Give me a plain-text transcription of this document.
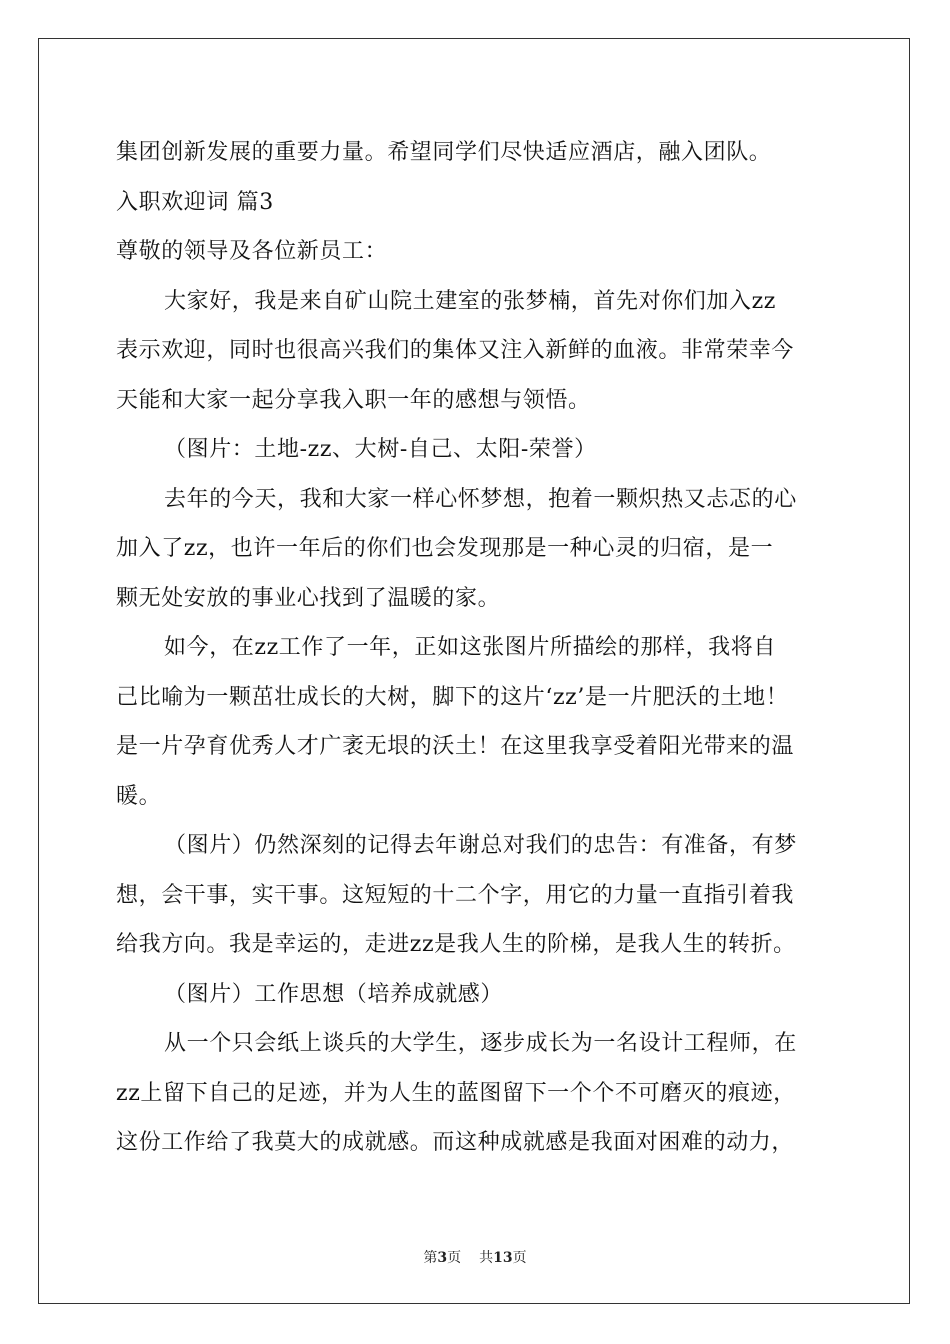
集团创新发展的重要力量。希望同学们尽快适应酒店，融入团队。
入职欢迎词 篇3
尊敬的领导及各位新员工：
大家好，我是来自矿山院土建室的张梦楠，首先对你们加入zz
表示欢迎，同时也很高兴我们的集体又注入新鲜的血液。非常荣幸今
天能和大家一起分享我入职一年的感想与领悟。
（图片：土地-zz、大树-自己、太阳-荣誉）
去年的今天，我和大家一样心怀梦想，抱着一颗炽热又忐忑的心
加入了zz，也许一年后的你们也会发现那是一种心灵的归宿，是一
颗无处安放的事业心找到了温暖的家。
如今，在zz工作了一年，正如这张图片所描绘的那样，我将自
己比喻为一颗茁壮成长的大树，脚下的这片‘zz’是一片肥沃的土地！
是一片孕育优秀人才广袤无垠的沃土！在这里我享受着阳光带来的温
暖。
（图片）仍然深刻的记得去年谢总对我们的忠告：有准备，有梦
想，会干事，实干事。这短短的十二个字，用它的力量一直指引着我
给我方向。我是幸运的，走进zz是我人生的阶梯，是我人生的转折。
（图片）工作思想（培养成就感）
从一个只会纸上谈兵的大学生，逐步成长为一名设计工程师，在
zz上留下自己的足迹，并为人生的蓝图留下一个个不可磨灭的痕迹，
这份工作给了我莫大的成就感。而这种成就感是我面对困难的动力，
第3页 共13页
